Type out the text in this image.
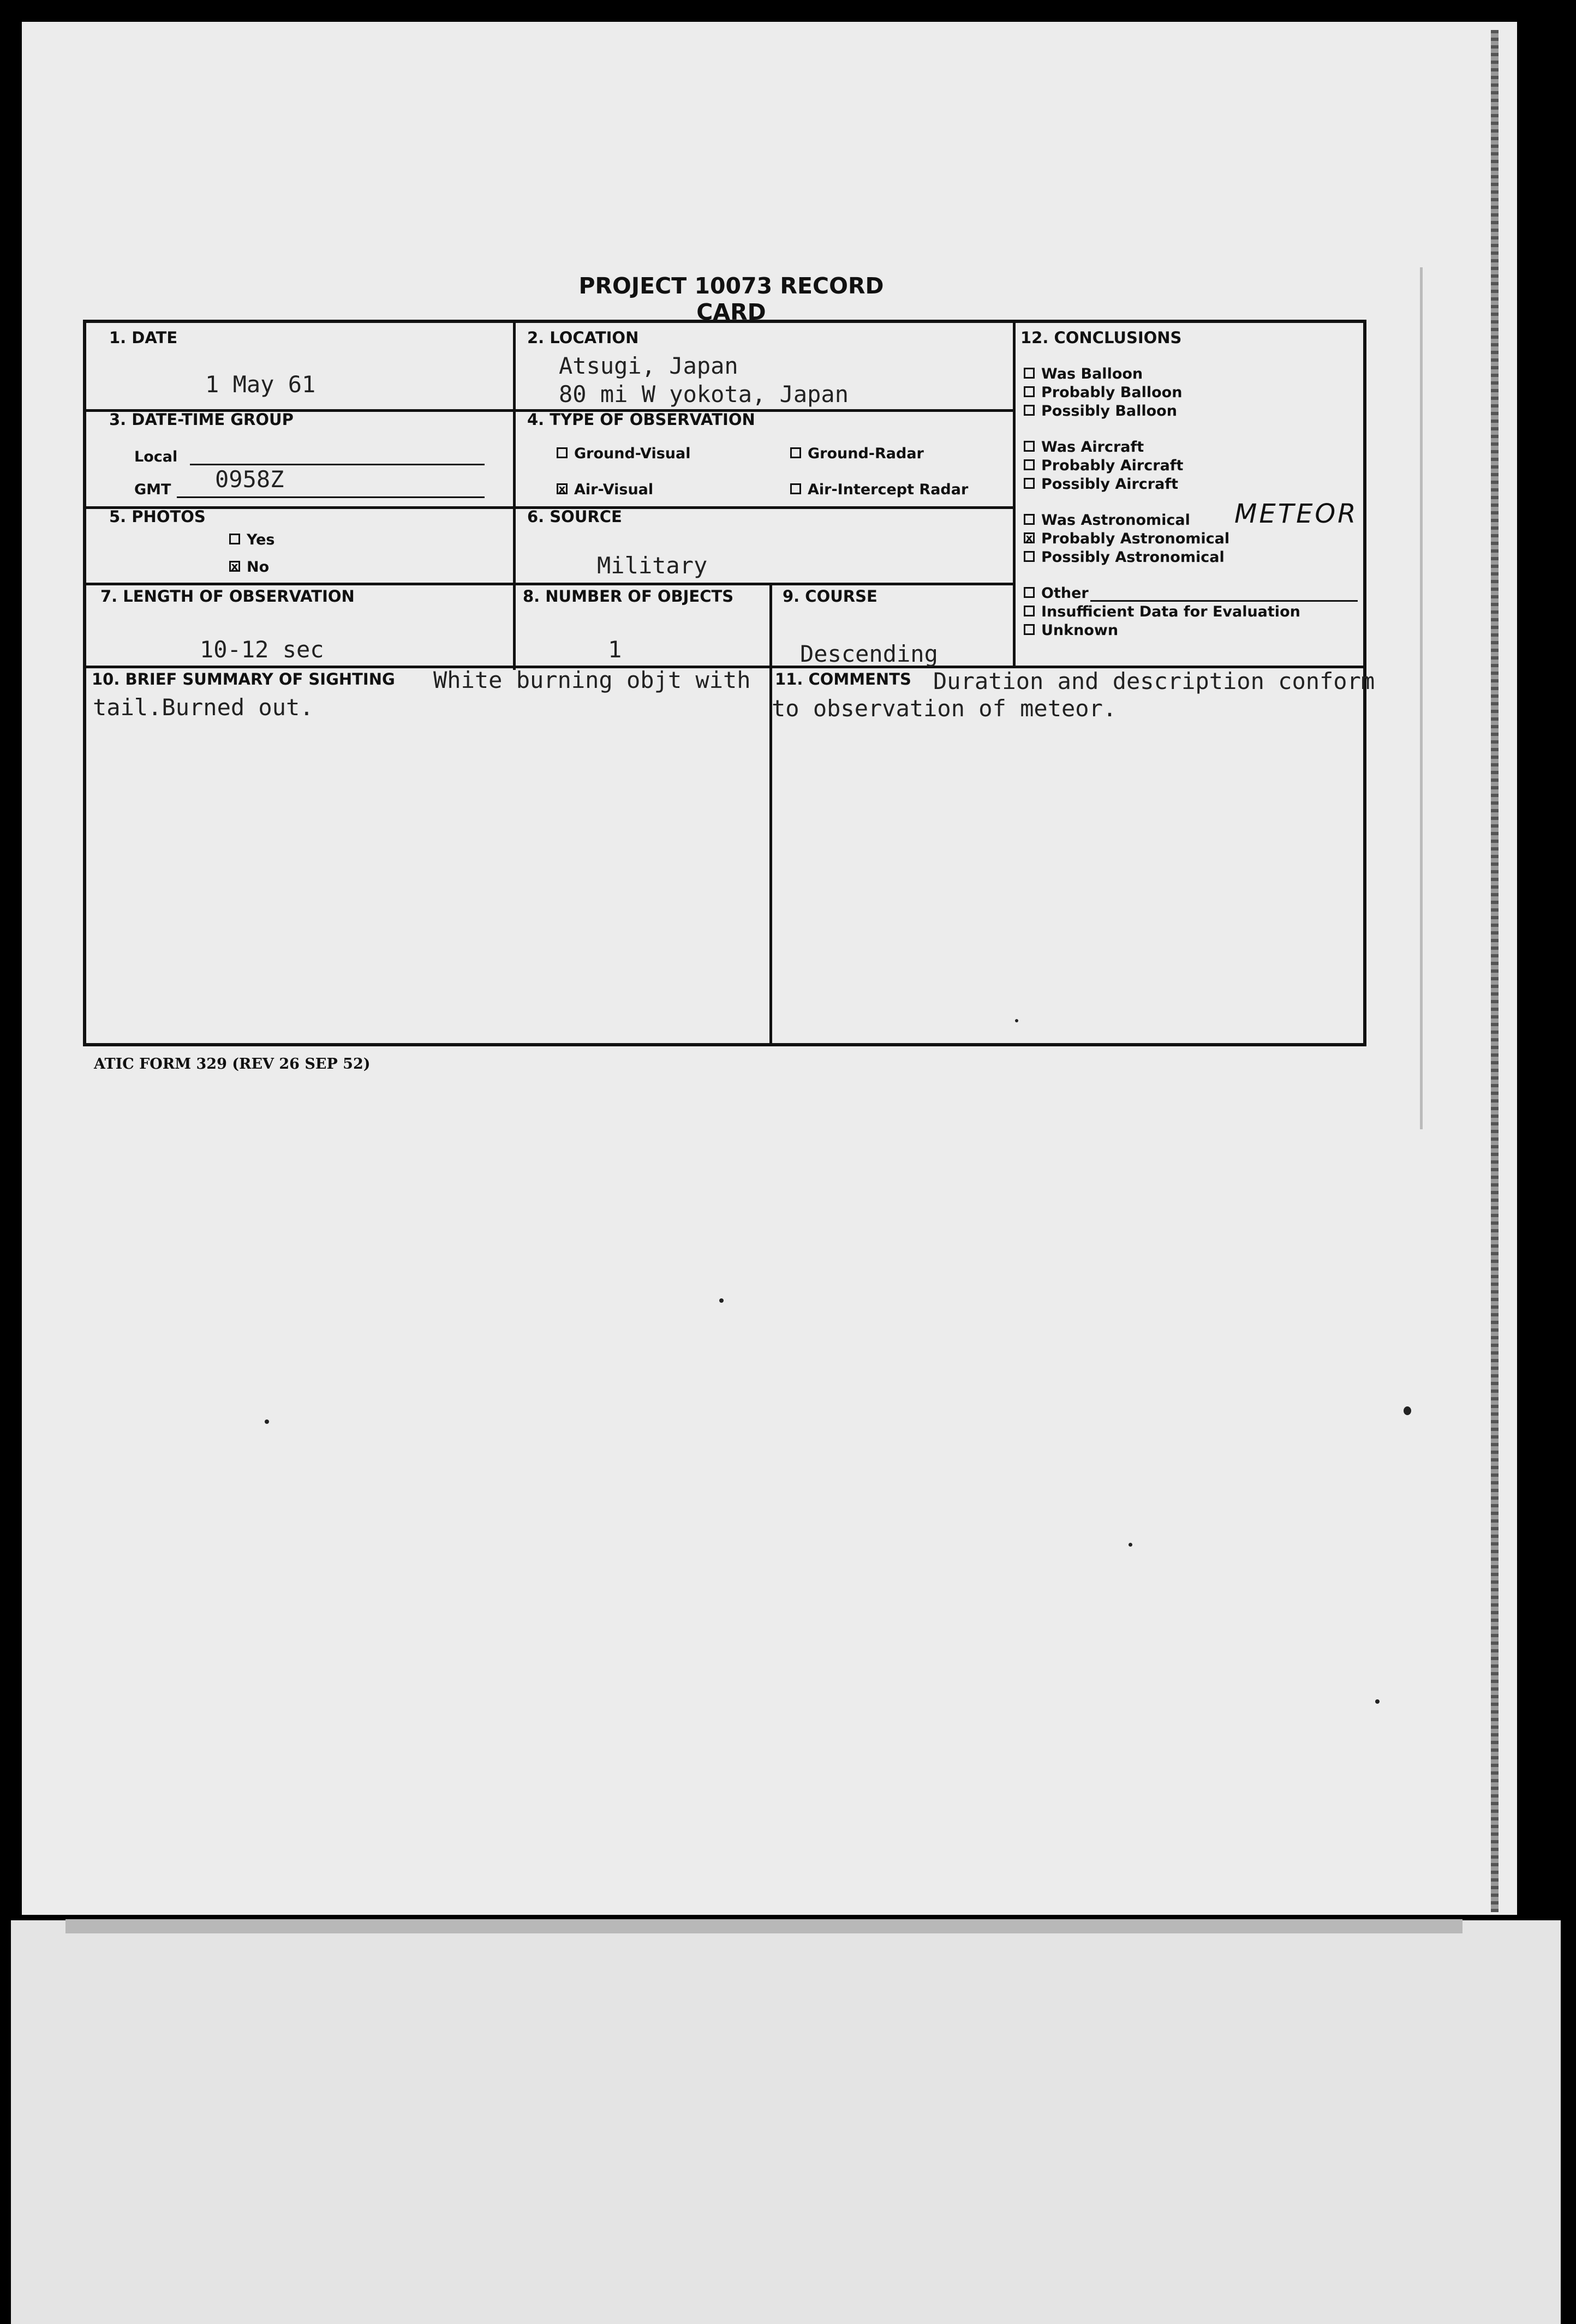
PROJECT 10073 RECORD CARD
1. DATE
1 May 61
2. LOCATION
Atsugi, Japan
80 mi W yokota, Japan
3. DATE-TIME GROUP
Local
GMT 0958Z
4. TYPE OF OBSERVATION
Ground-Visual	Ground-Radar
x Air-Visual	Air-Intercept Radar
5. PHOTOS
Yes
x No
6. SOURCE
Military
7. LENGTH OF OBSERVATION
10-12 sec
8. NUMBER OF OBJECTS
1
9. COURSE
Descending
10. BRIEF SUMMARY OF SIGHTING White burning objt with
tail.Burned out.
11. COMMENTS Duration and description conform
to observation of meteor.
12. CONCLUSIONS
Was Balloon
Probably Balloon
Possibly Balloon
Was Aircraft
Probably Aircraft
Possibly Aircraft
Was Astronomical METEOR
x Probably Astronomical
Possibly Astronomical
Other
Insufficient Data for Evaluation
Unknown
ATIC FORM 329 (REV 26 SEP 52)
